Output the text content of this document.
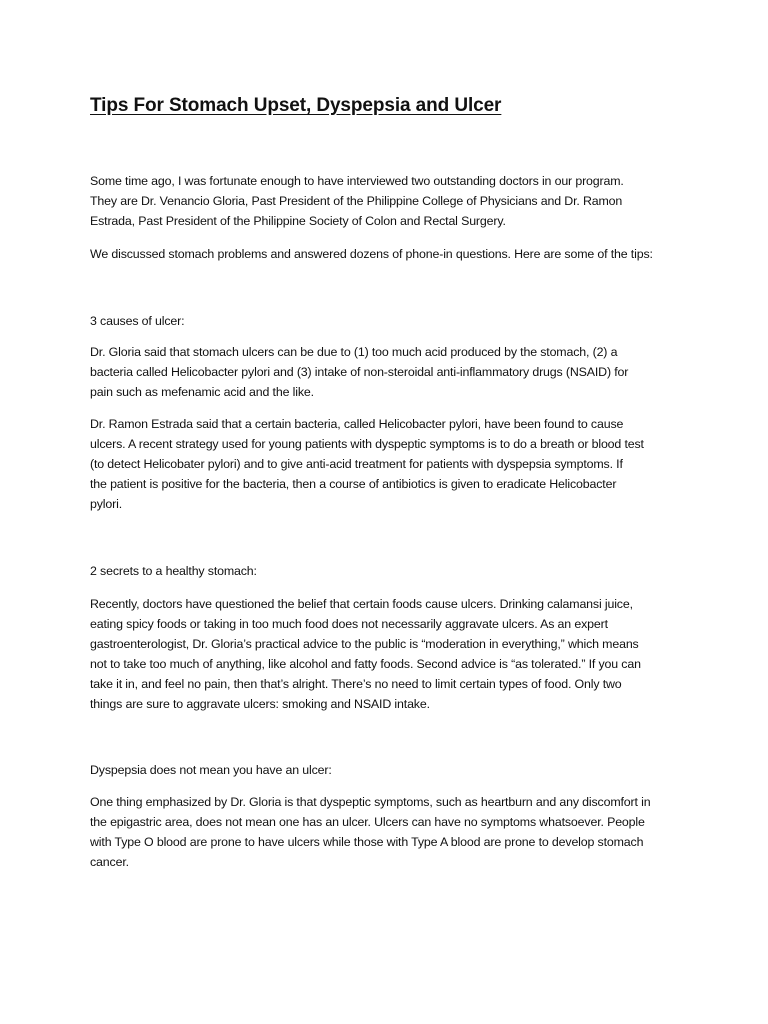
Tips For Stomach Upset, Dyspepsia and Ulcer

Some time ago, I was fortunate enough to have interviewed two outstanding doctors in our program.
They are Dr. Venancio Gloria, Past President of the Philippine College of Physicians and Dr. Ramon
Estrada, Past President of the Philippine Society of Colon and Rectal Surgery.

We discussed stomach problems and answered dozens of phone-in questions. Here are some of the tips:

3 causes of ulcer:

Dr. Gloria said that stomach ulcers can be due to (1) too much acid produced by the stomach, (2) a
bacteria called Helicobacter pylori and (3) intake of non-steroidal anti-inflammatory drugs (NSAID) for
pain such as mefenamic acid and the like.

Dr. Ramon Estrada said that a certain bacteria, called Helicobacter pylori, have been found to cause
ulcers. A recent strategy used for young patients with dyspeptic symptoms is to do a breath or blood test
(to detect Helicobater pylori) and to give anti-acid treatment for patients with dyspepsia symptoms. If
the patient is positive for the bacteria, then a course of antibiotics is given to eradicate Helicobacter
pylori.

2 secrets to a healthy stomach:

Recently, doctors have questioned the belief that certain foods cause ulcers. Drinking calamansi juice,
eating spicy foods or taking in too much food does not necessarily aggravate ulcers. As an expert
gastroenterologist, Dr. Gloria’s practical advice to the public is “moderation in everything,” which means
not to take too much of anything, like alcohol and fatty foods. Second advice is “as tolerated.” If you can
take it in, and feel no pain, then that’s alright. There’s no need to limit certain types of food. Only two
things are sure to aggravate ulcers: smoking and NSAID intake.

Dyspepsia does not mean you have an ulcer:

One thing emphasized by Dr. Gloria is that dyspeptic symptoms, such as heartburn and any discomfort in
the epigastric area, does not mean one has an ulcer. Ulcers can have no symptoms whatsoever. People
with Type O blood are prone to have ulcers while those with Type A blood are prone to develop stomach
cancer.
